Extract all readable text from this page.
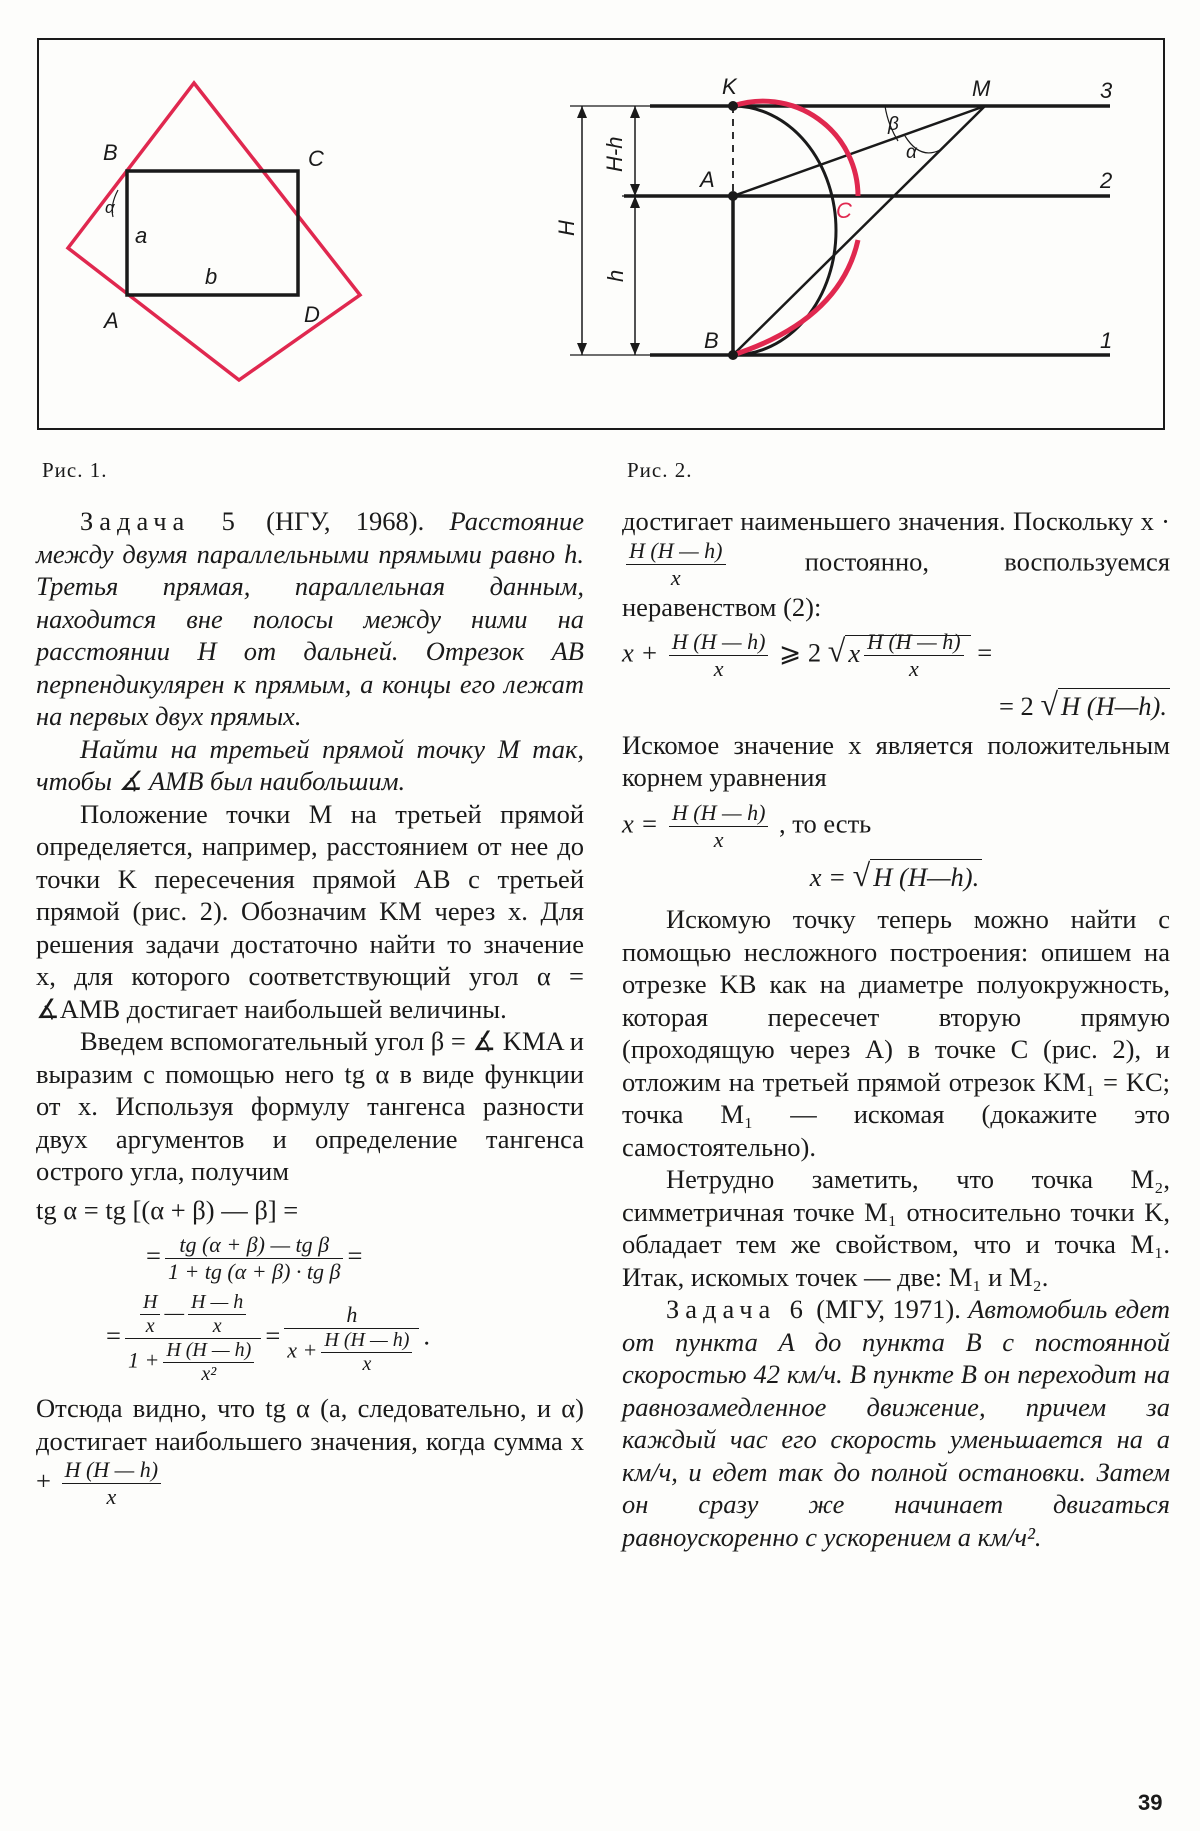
B	C
A	D
a
b
α
H
H-h
h
K	M
A
B
C
3
2
1
β
α
Рис. 1.	Рис. 2.

Задача 5 (НГУ, 1968). Расстояние между двумя параллельными прямыми равно h. Третья прямая, параллельная данным, находится вне полосы между ними на расстоянии H от дальней. Отрезок AB перпендикулярен к прямым, а концы его лежат на первых двух прямых.

Найти на третьей прямой точку M так, чтобы ∡ AMB был наибольшим.

Положение точки M на третьей прямой определяется, например, расстоянием от нее до точки K пересечения прямой AB с третьей прямой (рис. 2). Обозначим KM через x. Для решения задачи достаточно найти то значение x, для которого соответствующий угол α = ∡AMB достигает наибольшей величины.

Введем вспомогательный угол β = ∡ KMA и выразим с помощью него tg α в виде функции от x. Используя формулу тангенса разности двух аргументов и определение тангенса острого угла, получим

tg α = tg [(α + β) — β] =
= $\frac{\text{tg (α + β) — tg β}}{\text{1 + tg (α + β) · tg β}}$ =
= $\frac{\frac{H}{x} — \frac{H — h}{x}}{1 + \frac{H (H — h)}{\text{x²}}} = \frac{h}{x + \frac{H (H — h)}{x}}$ .

Отсюда видно, что tg α (a, следовательно, и α) достигает наибольшего значения, когда сумма $x + \frac{H (H — h)}{x}$

достигает наименьшего значения. Поскольку x ·
$\frac{H (H — h)}{x}$	постоянно, воспользуемся неравенством (2):

$x + \frac{H (H — h)}{x}$ ⩾ 2 √ x $\frac{H (H — h)}{x}$ =
= 2 √ H (H—h).

Искомое значение x является положительным корнем уравнения

$x = \frac{H (H — h)}{x}$ , то есть
x = √ H (H—h).

Искомую точку теперь можно найти с помощью несложного построения: опишем на отрезке KB как на диаметре полуокружность, которая пересечет вторую прямую (проходящую через A) в точке C (рис. 2), и отложим на третьей прямой отрезок KM₁ = KC; точка M₁ — искомая (докажите это самостоятельно).

Нетрудно заметить, что точка M₂, симметричная точке M₁ относительно точки K, обладает тем же свойством, что и точка M₁. Итак, искомых точек — две: M₁ и M₂.

Задача 6 (МГУ, 1971). Автомобиль едет от пункта A до пункта B с постоянной скоростью 42 км/ч. В пункте B он переходит на равнозамедленное движение, причем за каждый час его скорость уменьшается на a км/ч, и едет так до полной остановки. Затем он сразу же начинает двигаться равноускоренно с ускорением a км/ч².

39
